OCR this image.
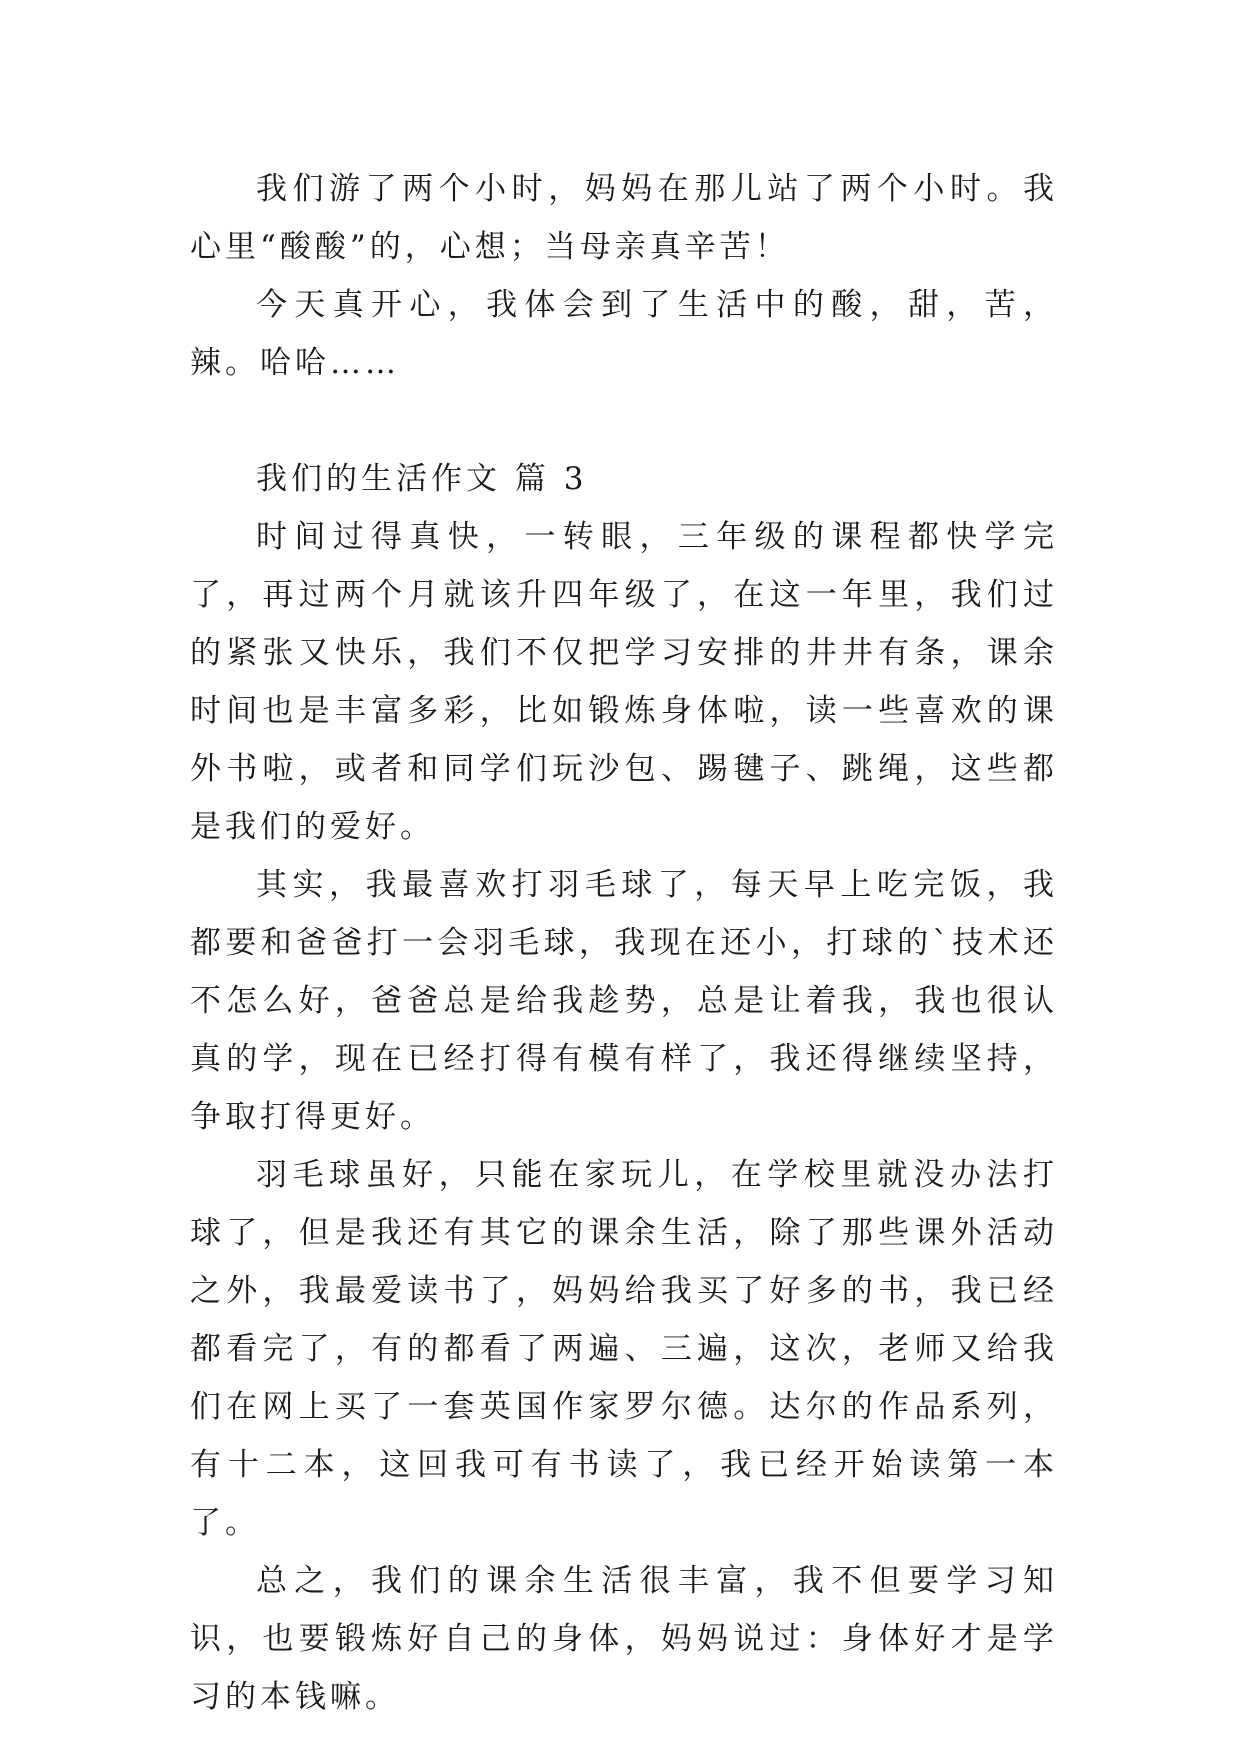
我们游了两个小时，妈妈在那儿站了两个小时。我心里“酸酸”的，心想；当母亲真辛苦！

今天真开心，我体会到了生活中的酸，甜，苦，辣。哈哈……

我们的生活作文 篇 3

时间过得真快，一转眼，三年级的课程都快学完了，再过两个月就该升四年级了，在这一年里，我们过的紧张又快乐，我们不仅把学习安排的井井有条，课余时间也是丰富多彩，比如锻炼身体啦，读一些喜欢的课外书啦，或者和同学们玩沙包、踢毽子、跳绳，这些都是我们的爱好。

其实，我最喜欢打羽毛球了，每天早上吃完饭，我都要和爸爸打一会羽毛球，我现在还小，打球的`技术还不怎么好，爸爸总是给我趁势，总是让着我，我也很认真的学，现在已经打得有模有样了，我还得继续坚持，争取打得更好。

羽毛球虽好，只能在家玩儿，在学校里就没办法打球了，但是我还有其它的课余生活，除了那些课外活动之外，我最爱读书了，妈妈给我买了好多的书，我已经都看完了，有的都看了两遍、三遍，这次，老师又给我们在网上买了一套英国作家罗尔德。达尔的作品系列，有十二本，这回我可有书读了，我已经开始读第一本了。

总之，我们的课余生活很丰富，我不但要学习知识，也要锻炼好自己的身体，妈妈说过：身体好才是学习的本钱嘛。
